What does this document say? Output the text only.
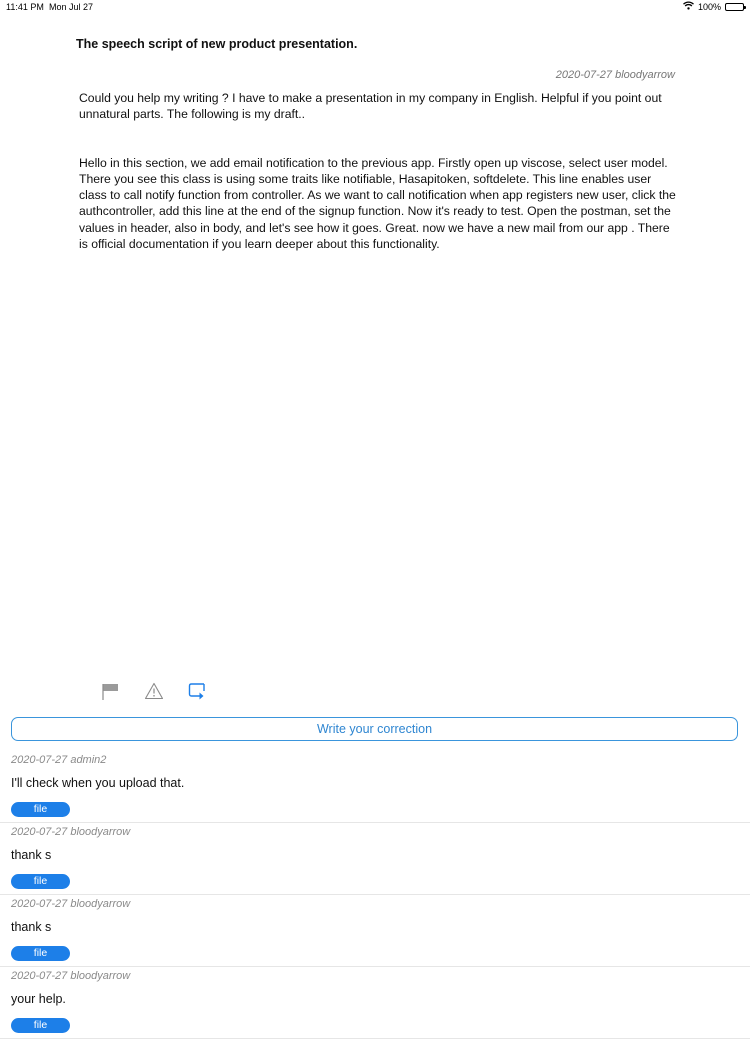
11:41 PM Mon Jul 27	100%
The speech script of new product presentation.
2020-07-27 bloodyarrow

Could you help my writing ? I have to make a presentation in my company in English. Helpful if you point out unnatural parts. The following is my draft..

Hello in this section, we add email notification to the previous app. Firstly open up viscose, select user model. There you see this class is using some traits like notifiable, Hasapitoken, softdelete. This line enables user class to call notify function from controller. As we want to call notification when app registers new user, click the authcontroller, add this line at the end of the signup function. Now it's ready to test. Open the postman, set the values in header, also in body, and let's see how it goes. Great. now we have a new mail from our app . There is official documentation if you learn deeper about this functionality.

Write your correction
2020-07-27 admin2
I'll check when you upload that.
file
2020-07-27 bloodyarrow
thank s
file
2020-07-27 bloodyarrow
thank s
file
2020-07-27 bloodyarrow
your help.
file
